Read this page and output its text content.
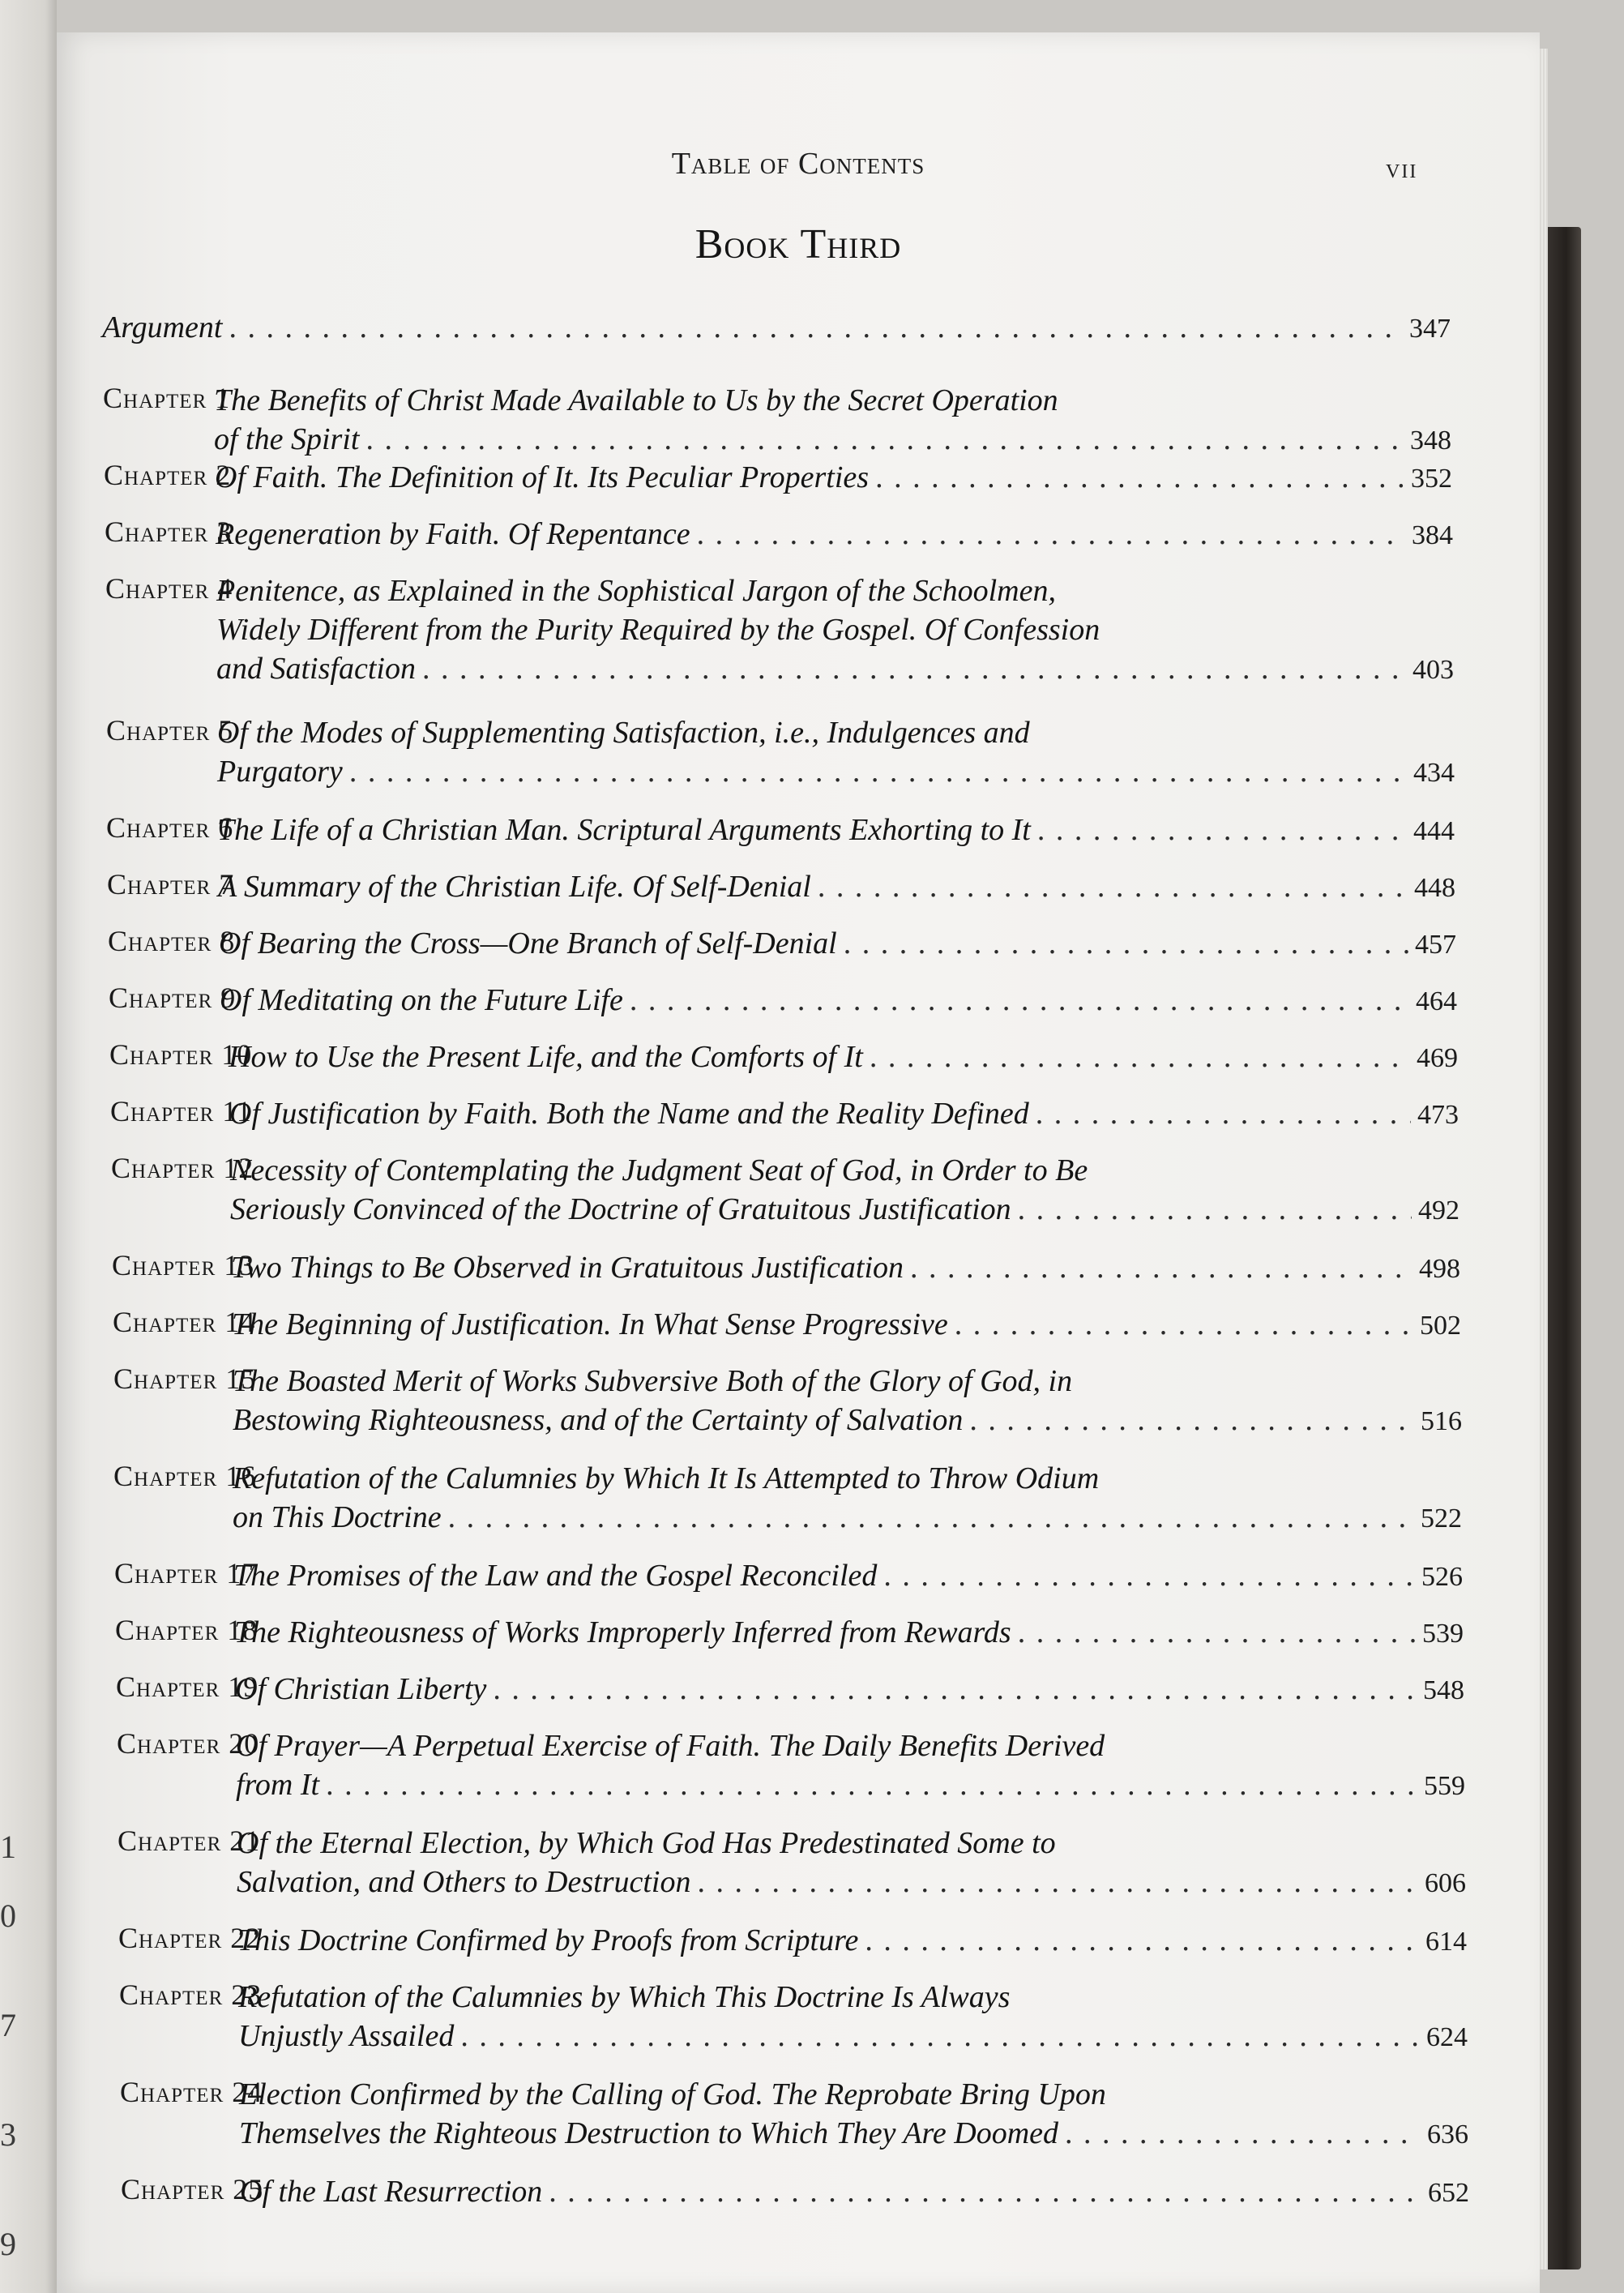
1
0
7
3
9
Table of Contents	vii
Book Third
Argument . . .	347
Chapter 1
The Benefits of Christ Made Available to Us by the Secret Operation
of the Spirit . . .	348
Chapter 2
Of Faith. The Definition of It. Its Peculiar Properties . . .	352
Chapter 3
Regeneration by Faith. Of Repentance . . .	384
Chapter 4
Penitence, as Explained in the Sophistical Jargon of the Schoolmen,
Widely Different from the Purity Required by the Gospel. Of Confession
and Satisfaction . . .	403
Chapter 5
Of the Modes of Supplementing Satisfaction, i.e., Indulgences and
Purgatory . . .	434
Chapter 6
The Life of a Christian Man. Scriptural Arguments Exhorting to It . . .	444
Chapter 7
A Summary of the Christian Life. Of Self-Denial . . .	448
Chapter 8
Of Bearing the Cross—One Branch of Self-Denial . . .	457
Chapter 9
Of Meditating on the Future Life . . .	464
Chapter 10
How to Use the Present Life, and the Comforts of It . . .	469
Chapter 11
Of Justification by Faith. Both the Name and the Reality Defined . . .	473
Chapter 12
Necessity of Contemplating the Judgment Seat of God, in Order to Be
Seriously Convinced of the Doctrine of Gratuitous Justification . . .	492
Chapter 13
Two Things to Be Observed in Gratuitous Justification . . .	498
Chapter 14
The Beginning of Justification. In What Sense Progressive . . .	502
Chapter 15
The Boasted Merit of Works Subversive Both of the Glory of God, in
Bestowing Righteousness, and of the Certainty of Salvation . . .	516
Chapter 16
Refutation of the Calumnies by Which It Is Attempted to Throw Odium
on This Doctrine . . .	522
Chapter 17
The Promises of the Law and the Gospel Reconciled . . .	526
Chapter 18
The Righteousness of Works Improperly Inferred from Rewards . . .	539
Chapter 19
Of Christian Liberty . . .	548
Chapter 20
Of Prayer—A Perpetual Exercise of Faith. The Daily Benefits Derived
from It . . .	559
Chapter 21
Of the Eternal Election, by Which God Has Predestinated Some to
Salvation, and Others to Destruction . . .	606
Chapter 22
This Doctrine Confirmed by Proofs from Scripture . . .	614
Chapter 23
Refutation of the Calumnies by Which This Doctrine Is Always
Unjustly Assailed . . .	624
Chapter 24
Election Confirmed by the Calling of God. The Reprobate Bring Upon
Themselves the Righteous Destruction to Which They Are Doomed . . .	636
Chapter 25
Of the Last Resurrection . . .	652
